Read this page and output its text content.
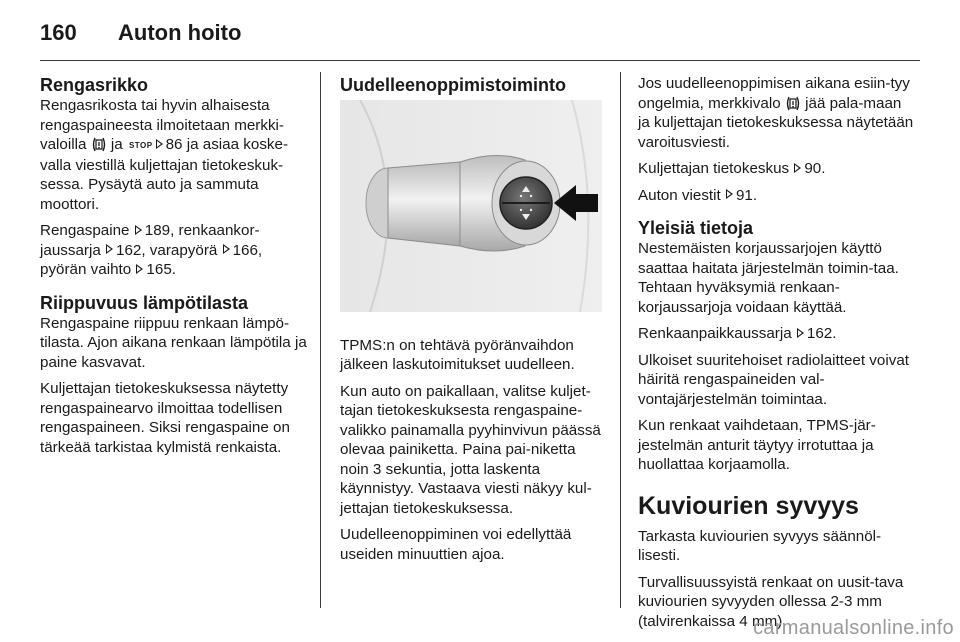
160 Auton hoito
Rengasrikko

Rengasrikosta tai hyvin alhaisesta rengaspaineesta ilmoitetaan merkki-valoilla ja STOP 86 ja asiaa koske-valla viestillä kuljettajan tietokeskuk-sessa. Pysäytä auto ja sammuta moottori.

Rengaspaine 189, renkaankor-jaussarja 162, varapyörä 166, pyörän vaihto 165.

Riippuvuus lämpötilasta

Rengaspaine riippuu renkaan lämpö-tilasta. Ajon aikana renkaan lämpötila ja paine kasvavat.

Kuljettajan tietokeskuksessa näytetty rengaspainearvo ilmoittaa todellisen rengaspaineen. Siksi rengaspaine on tärkeää tarkistaa kylmistä renkaista.

Uudelleenoppimistoiminto

TPMS:n on tehtävä pyöränvaihdon jälkeen laskutoimitukset uudelleen.

Kun auto on paikallaan, valitse kuljet-tajan tietokeskuksesta rengaspaine-valikko painamalla pyyhinvivun päässä olevaa painiketta. Paina pai-niketta noin 3 sekuntia, jotta laskenta käynnistyy. Vastaava viesti näkyy kul-jettajan tietokeskuksessa.

Uudelleenoppiminen voi edellyttää useiden minuuttien ajoa.

Jos uudelleenoppimisen aikana esiin-tyy ongelmia, merkkivalo jää pala-maan ja kuljettajan tietokeskuksessa näytetään varoitusviesti.

Kuljettajan tietokeskus 90.

Auton viestit 91.

Yleisiä tietoja

Nestemäisten korjaussarjojen käyttö saattaa haitata järjestelmän toimin-taa. Tehtaan hyväksymiä renkaan-korjaussarjoja voidaan käyttää.

Renkaanpaikkaussarja 162.

Ulkoiset suuritehoiset radiolaitteet voivat häiritä rengaspaineiden val-vontajärjestelmän toimintaa.

Kun renkaat vaihdetaan, TPMS-jär-jestelmän anturit täytyy irrotuttaa ja huollattaa korjaamolla.

Kuviourien syvyys

Tarkasta kuviourien syvyys säännöl-lisesti.

Turvallisuussyistä renkaat on uusit-tava kuviourien syvyyden ollessa 2-3 mm (talvirenkaissa 4 mm).

carmanualsonline.info
